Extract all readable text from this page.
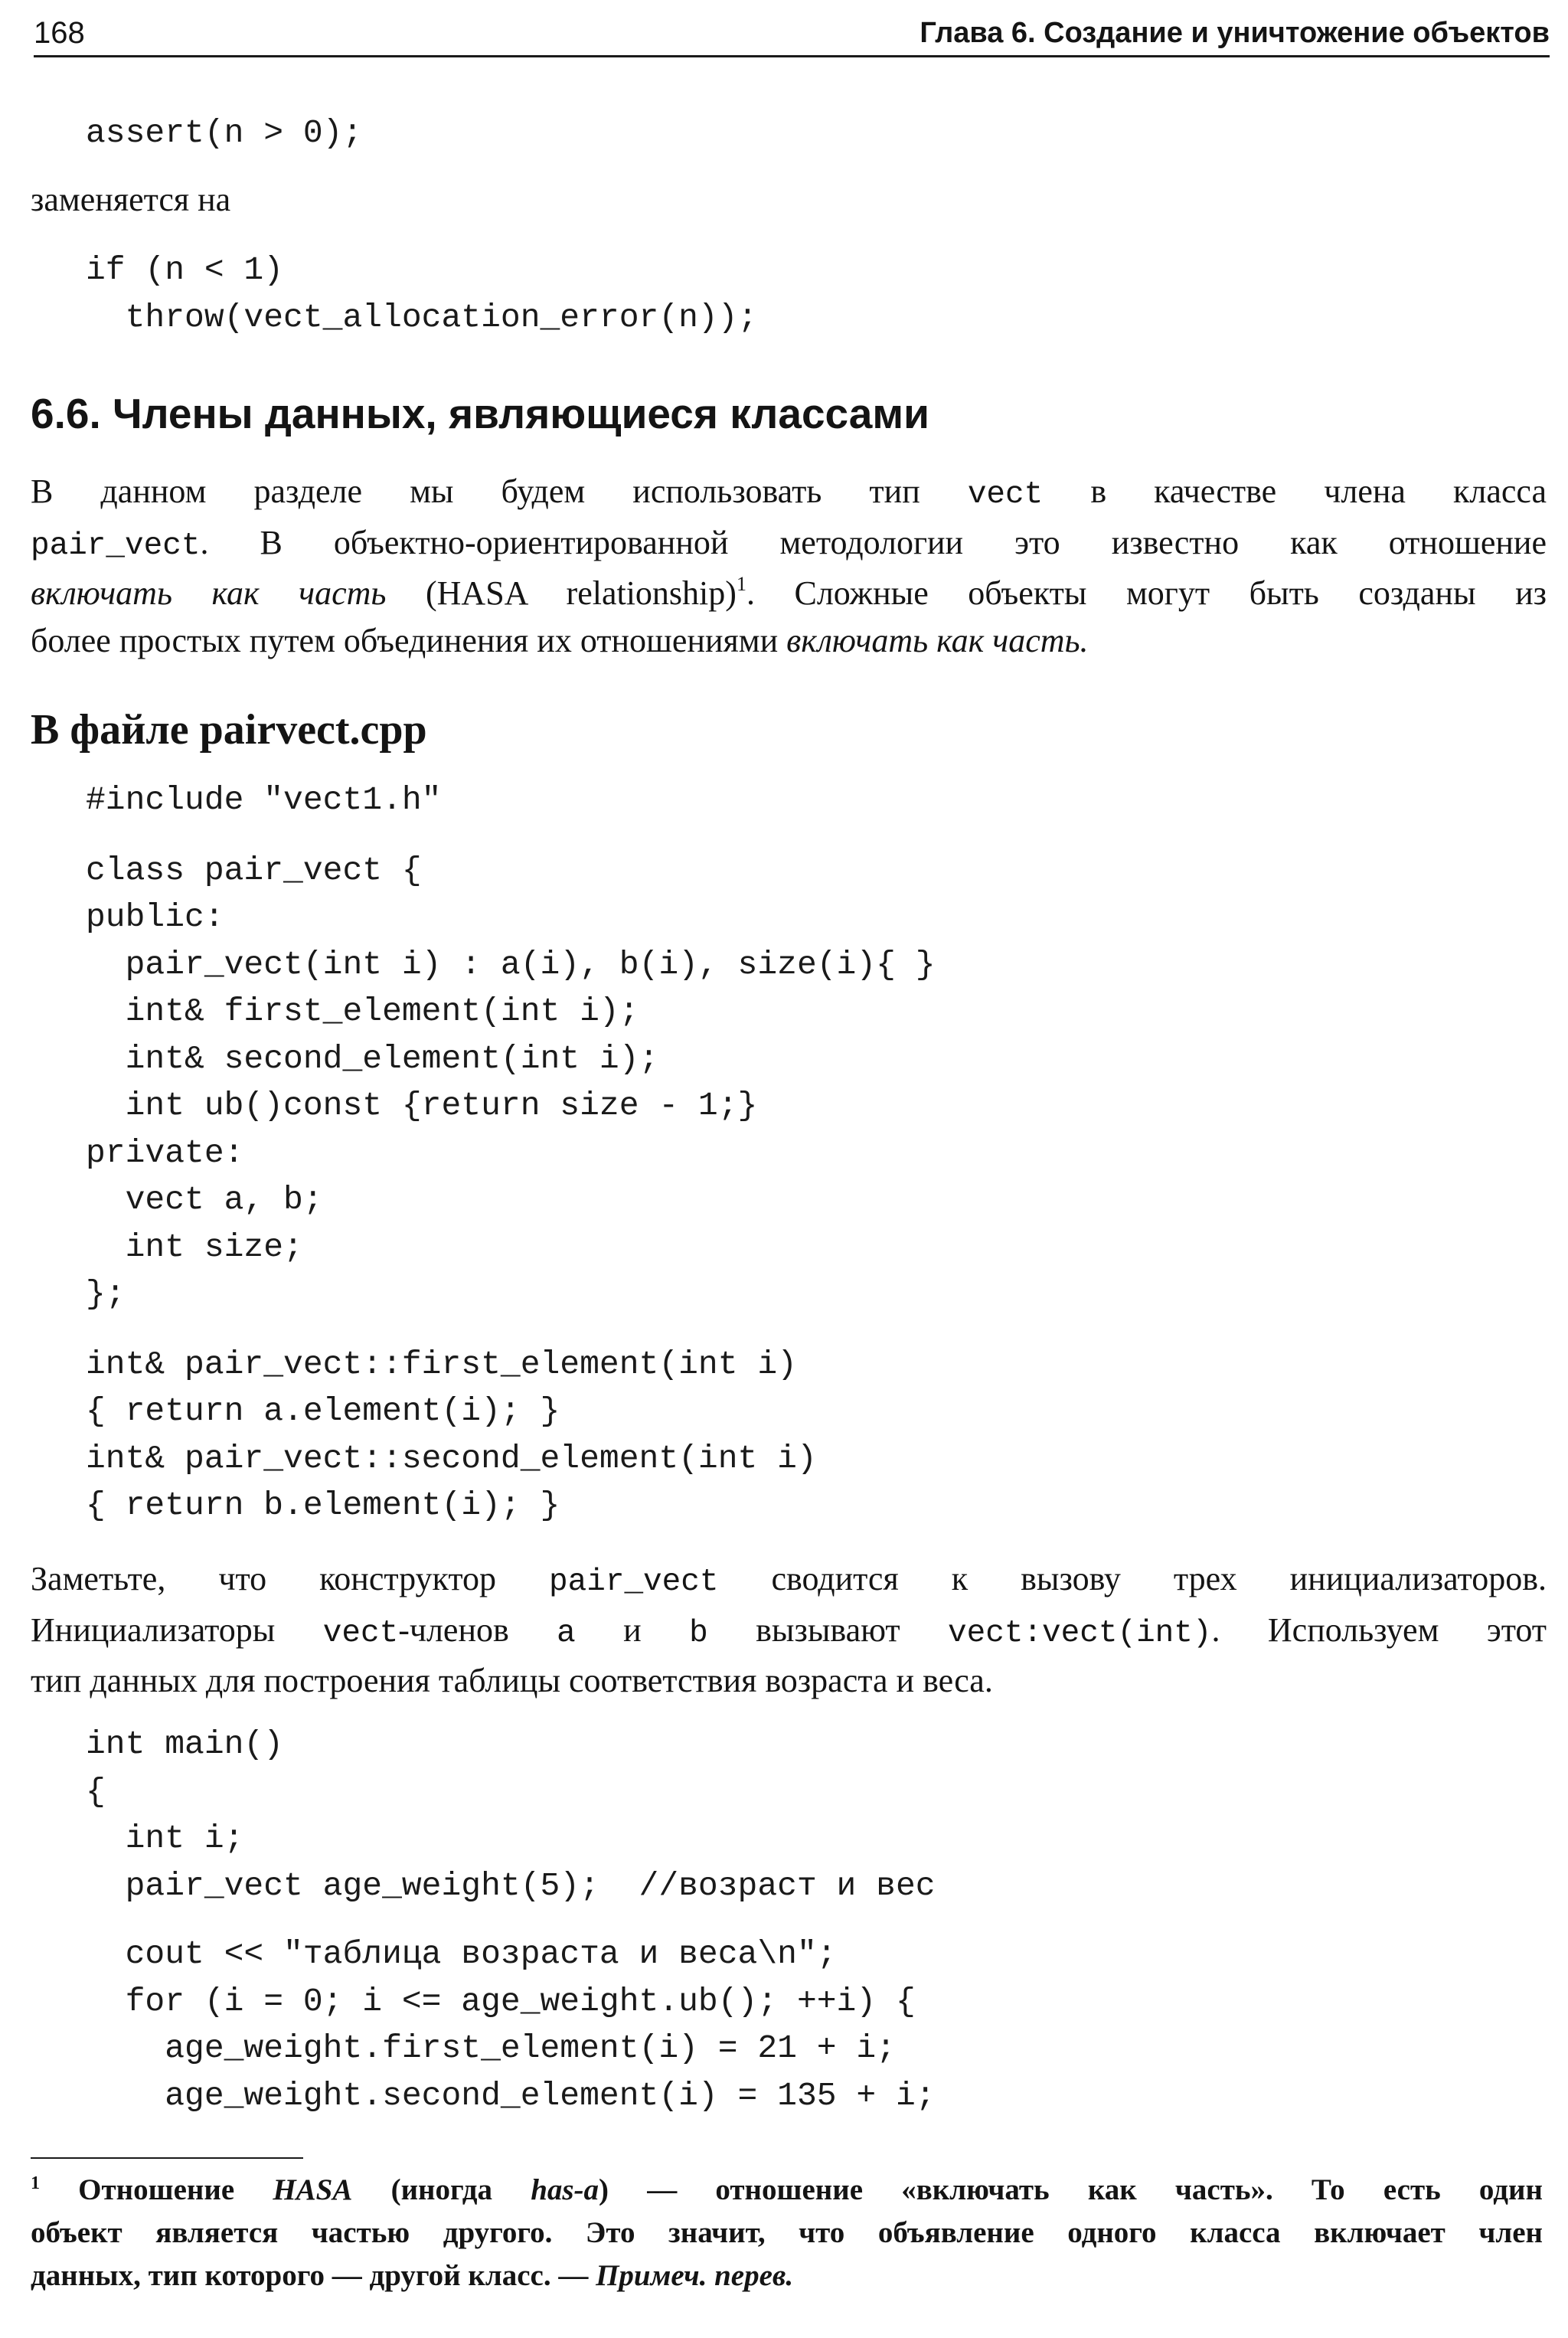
168	Глава 6. Создание и уничтожение объектов
assert(n > 0);

заменяется на

if (n < 1)
throw(vect_allocation_error(n));
6.6. Члены данных, являющиеся классами

В данном разделе мы будем использовать тип vect в качестве члена класса
pair_vect. В объектно-ориентированной методологии это известно как отношение
включать как часть (HASA relationship)$^1$. Сложные объекты могут быть созданы из
более простых путем объединения их отношениями включать как часть.

В файле pairvect.cpp
#include "vect1.h"
class pair_vect {
public:
pair_vect(int i) : a(i), b(i), size(i){ }
int& first_element(int i);
int& second_element(int i);
int ub()const {return size - 1;}
private:
vect a, b;
int size;
};
int& pair_vect::first_element(int i)
{ return a.element(i); }
int& pair_vect::second_element(int i)
{ return b.element(i); }

Заметьте, что конструктор pair_vect сводится к вызову трех инициализаторов.
Инициализаторы vect-членов a и b вызывают vect:vect(int). Используем этот
тип данных для построения таблицы соответствия возраста и веса.

int main()
{
int i;
pair_vect age_weight(5);  //возраст и вес
cout << "таблица возраста и веса\n";
for (i = 0; i <= age_weight.ub(); ++i) {
age_weight.first_element(i) = 21 + i;
age_weight.second_element(i) = 135 + i;

$^1$ Отношение HASA (иногда has-a) — отношение «включать как часть». То есть один
объект является частью другого. Это значит, что объявление одного класса включает член
данных, тип которого — другой класс. — Примеч. перев.
